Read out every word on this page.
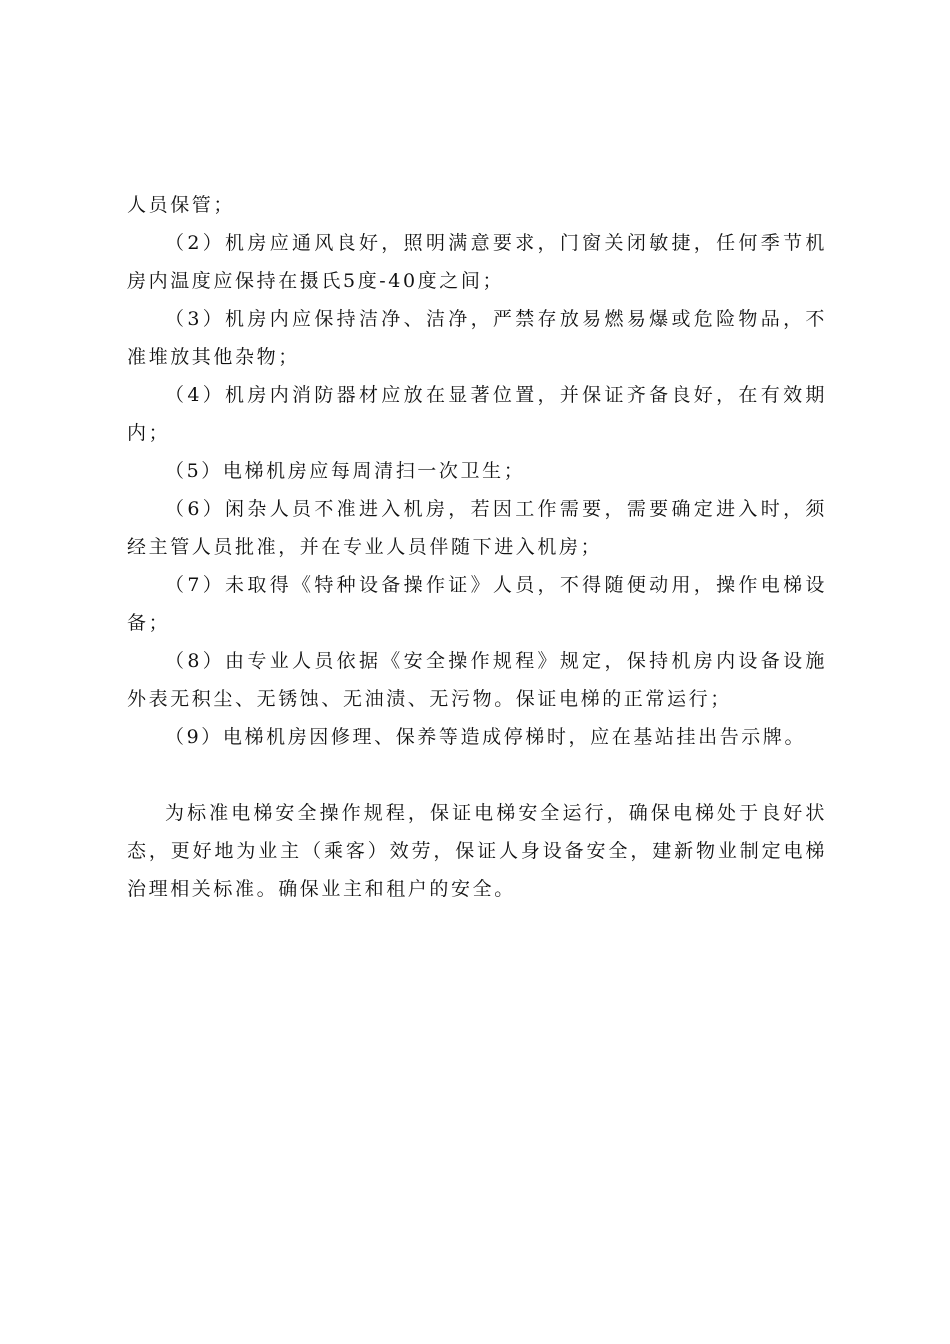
人员保管；

（2）机房应通风良好，照明满意要求，门窗关闭敏捷，任何季节机房内温度应保持在摄氏5度-40度之间；

（3）机房内应保持洁净、洁净，严禁存放易燃易爆或危险物品，不准堆放其他杂物；

（4）机房内消防器材应放在显著位置，并保证齐备良好，在有效期内；

（5）电梯机房应每周清扫一次卫生；

（6）闲杂人员不准进入机房，若因工作需要，需要确定进入时，须经主管人员批准，并在专业人员伴随下进入机房；

（7）未取得《特种设备操作证》人员，不得随便动用，操作电梯设备；

（8）由专业人员依据《安全操作规程》规定，保持机房内设备设施外表无积尘、无锈蚀、无油渍、无污物。保证电梯的正常运行；

（9）电梯机房因修理、保养等造成停梯时，应在基站挂出告示牌。

为标准电梯安全操作规程，保证电梯安全运行，确保电梯处于良好状态，更好地为业主（乘客）效劳，保证人身设备安全，建新物业制定电梯治理相关标准。确保业主和租户的安全。
